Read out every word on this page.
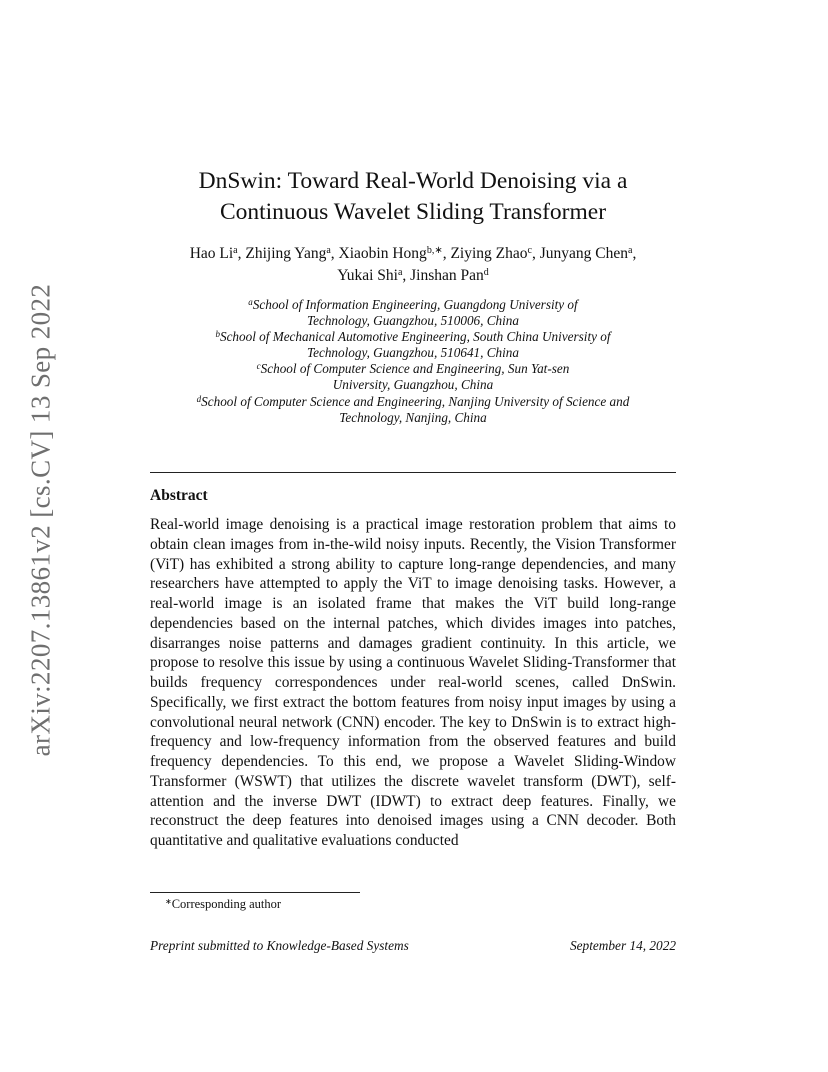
arXiv:2207.13861v2 [cs.CV] 13 Sep 2022
DnSwin: Toward Real-World Denoising via a
Continuous Wavelet Sliding Transformer
Hao Li$^a$, Zhijing Yang$^a$, Xiaobin Hong$^{b,∗}$, Ziying Zhao$^c$, Junyang Chen$^a$,
Yukai Shi$^a$, Jinshan Pan$^d$

$^a$School of Information Engineering, Guangdong University of

Technology, Guangzhou, 510006, China

$^b$School of Mechanical Automotive Engineering, South China University of

Technology, Guangzhou, 510641, China

$^c$School of Computer Science and Engineering, Sun Yat-sen

University, Guangzhou, China

$^d$School of Computer Science and Engineering, Nanjing University of Science and

Technology, Nanjing, China

Abstract

Real-world image denoising is a practical image restoration problem that aims to obtain clean images from in-the-wild noisy inputs. Recently, the Vision Transformer (ViT) has exhibited a strong ability to capture long-range dependencies, and many researchers have attempted to apply the ViT to image denoising tasks. However, a real-world image is an isolated frame that makes the ViT build long-range dependencies based on the internal patches, which divides images into patches, disarranges noise patterns and damages gradient continuity. In this article, we propose to resolve this issue by using a continuous Wavelet Sliding-Transformer that builds frequency correspondences under real-world scenes, called DnSwin. Specifically, we first extract the bottom features from noisy input images by using a convolutional neural network (CNN) encoder. The key to DnSwin is to extract high-frequency and low-frequency information from the observed features and build frequency dependencies. To this end, we propose a Wavelet Sliding-Window Transformer (WSWT) that utilizes the discrete wavelet transform (DWT), self-attention and the inverse DWT (IDWT) to extract deep features. Finally, we reconstruct the deep features into denoised images using a CNN decoder. Both quantitative and qualitative evaluations conducted

∗Corresponding author
Preprint submitted to Knowledge-Based Systems	September 14, 2022
